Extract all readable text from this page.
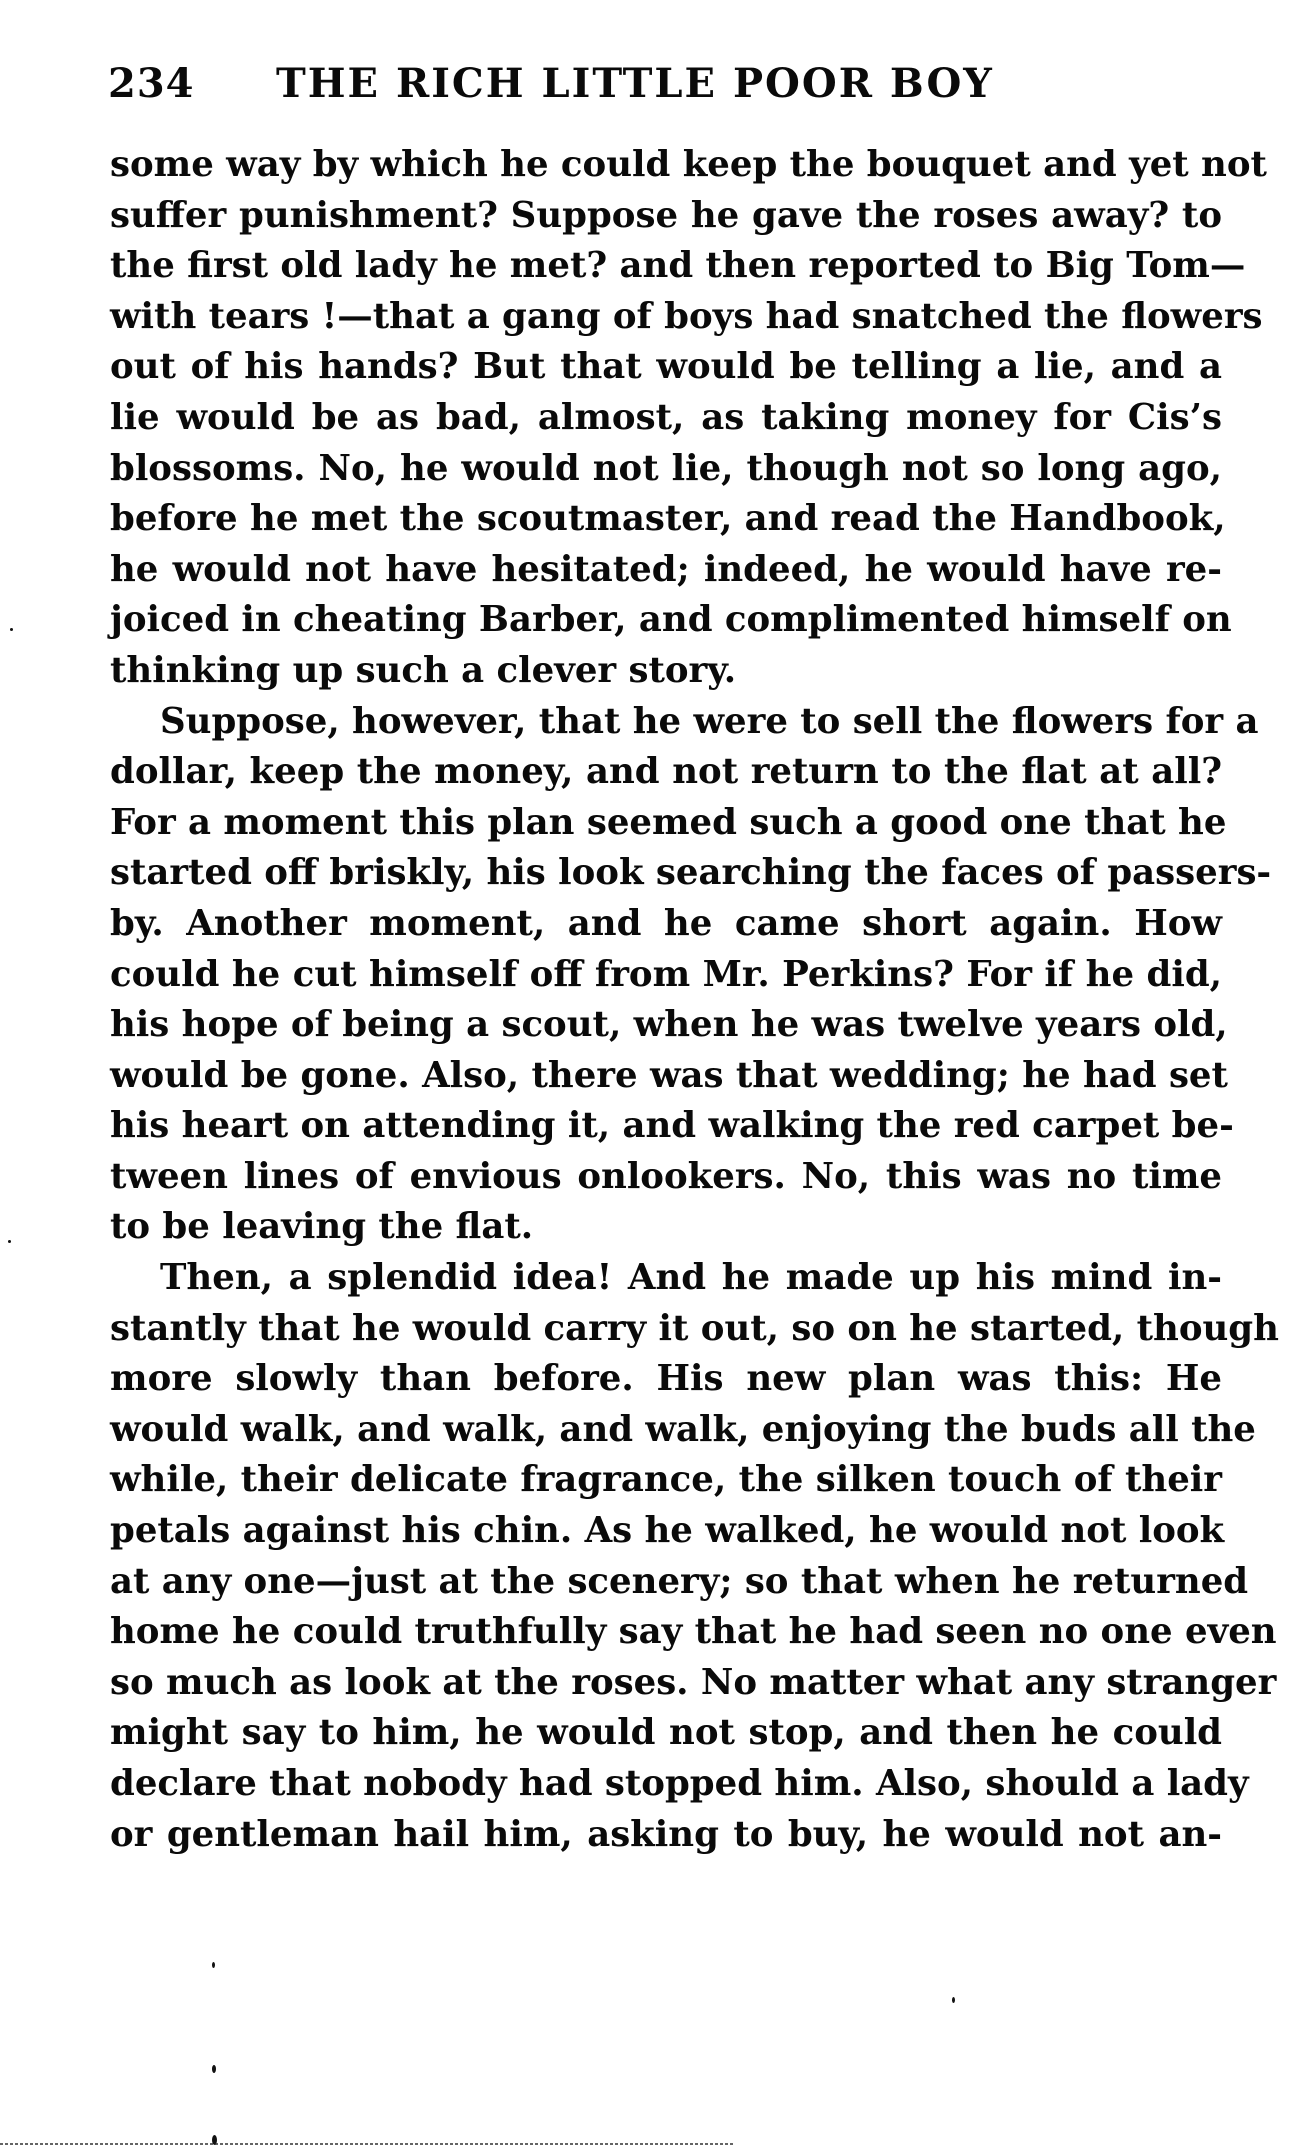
234 THE RICH LITTLE POOR BOY
some way by which he could keep the bouquet and yet not
suffer punishment? Suppose he gave the roses away? to
the first old lady he met? and then reported to Big Tom—
with tears !—that a gang of boys had snatched the flowers
out of his hands? But that would be telling a lie, and a
lie would be as bad, almost, as taking money for Cis’s
blossoms. No, he would not lie, though not so long ago,
before he met the scoutmaster, and read the Handbook,
he would not have hesitated; indeed, he would have re-
joiced in cheating Barber, and complimented himself on
thinking up such a clever story.
Suppose, however, that he were to sell the flowers for a
dollar, keep the money, and not return to the flat at all?
For a moment this plan seemed such a good one that he
started off briskly, his look searching the faces of passers-
by. Another moment, and he came short again. How
could he cut himself off from Mr. Perkins? For if he did,
his hope of being a scout, when he was twelve years old,
would be gone. Also, there was that wedding; he had set
his heart on attending it, and walking the red carpet be-
tween lines of envious onlookers. No, this was no time
to be leaving the flat.
Then, a splendid idea! And he made up his mind in-
stantly that he would carry it out, so on he started, though
more slowly than before. His new plan was this: He
would walk, and walk, and walk, enjoying the buds all the
while, their delicate fragrance, the silken touch of their
petals against his chin. As he walked, he would not look
at any one—just at the scenery; so that when he returned
home he could truthfully say that he had seen no one even
so much as look at the roses. No matter what any stranger
might say to him, he would not stop, and then he could
declare that nobody had stopped him. Also, should a lady
or gentleman hail him, asking to buy, he would not an-
